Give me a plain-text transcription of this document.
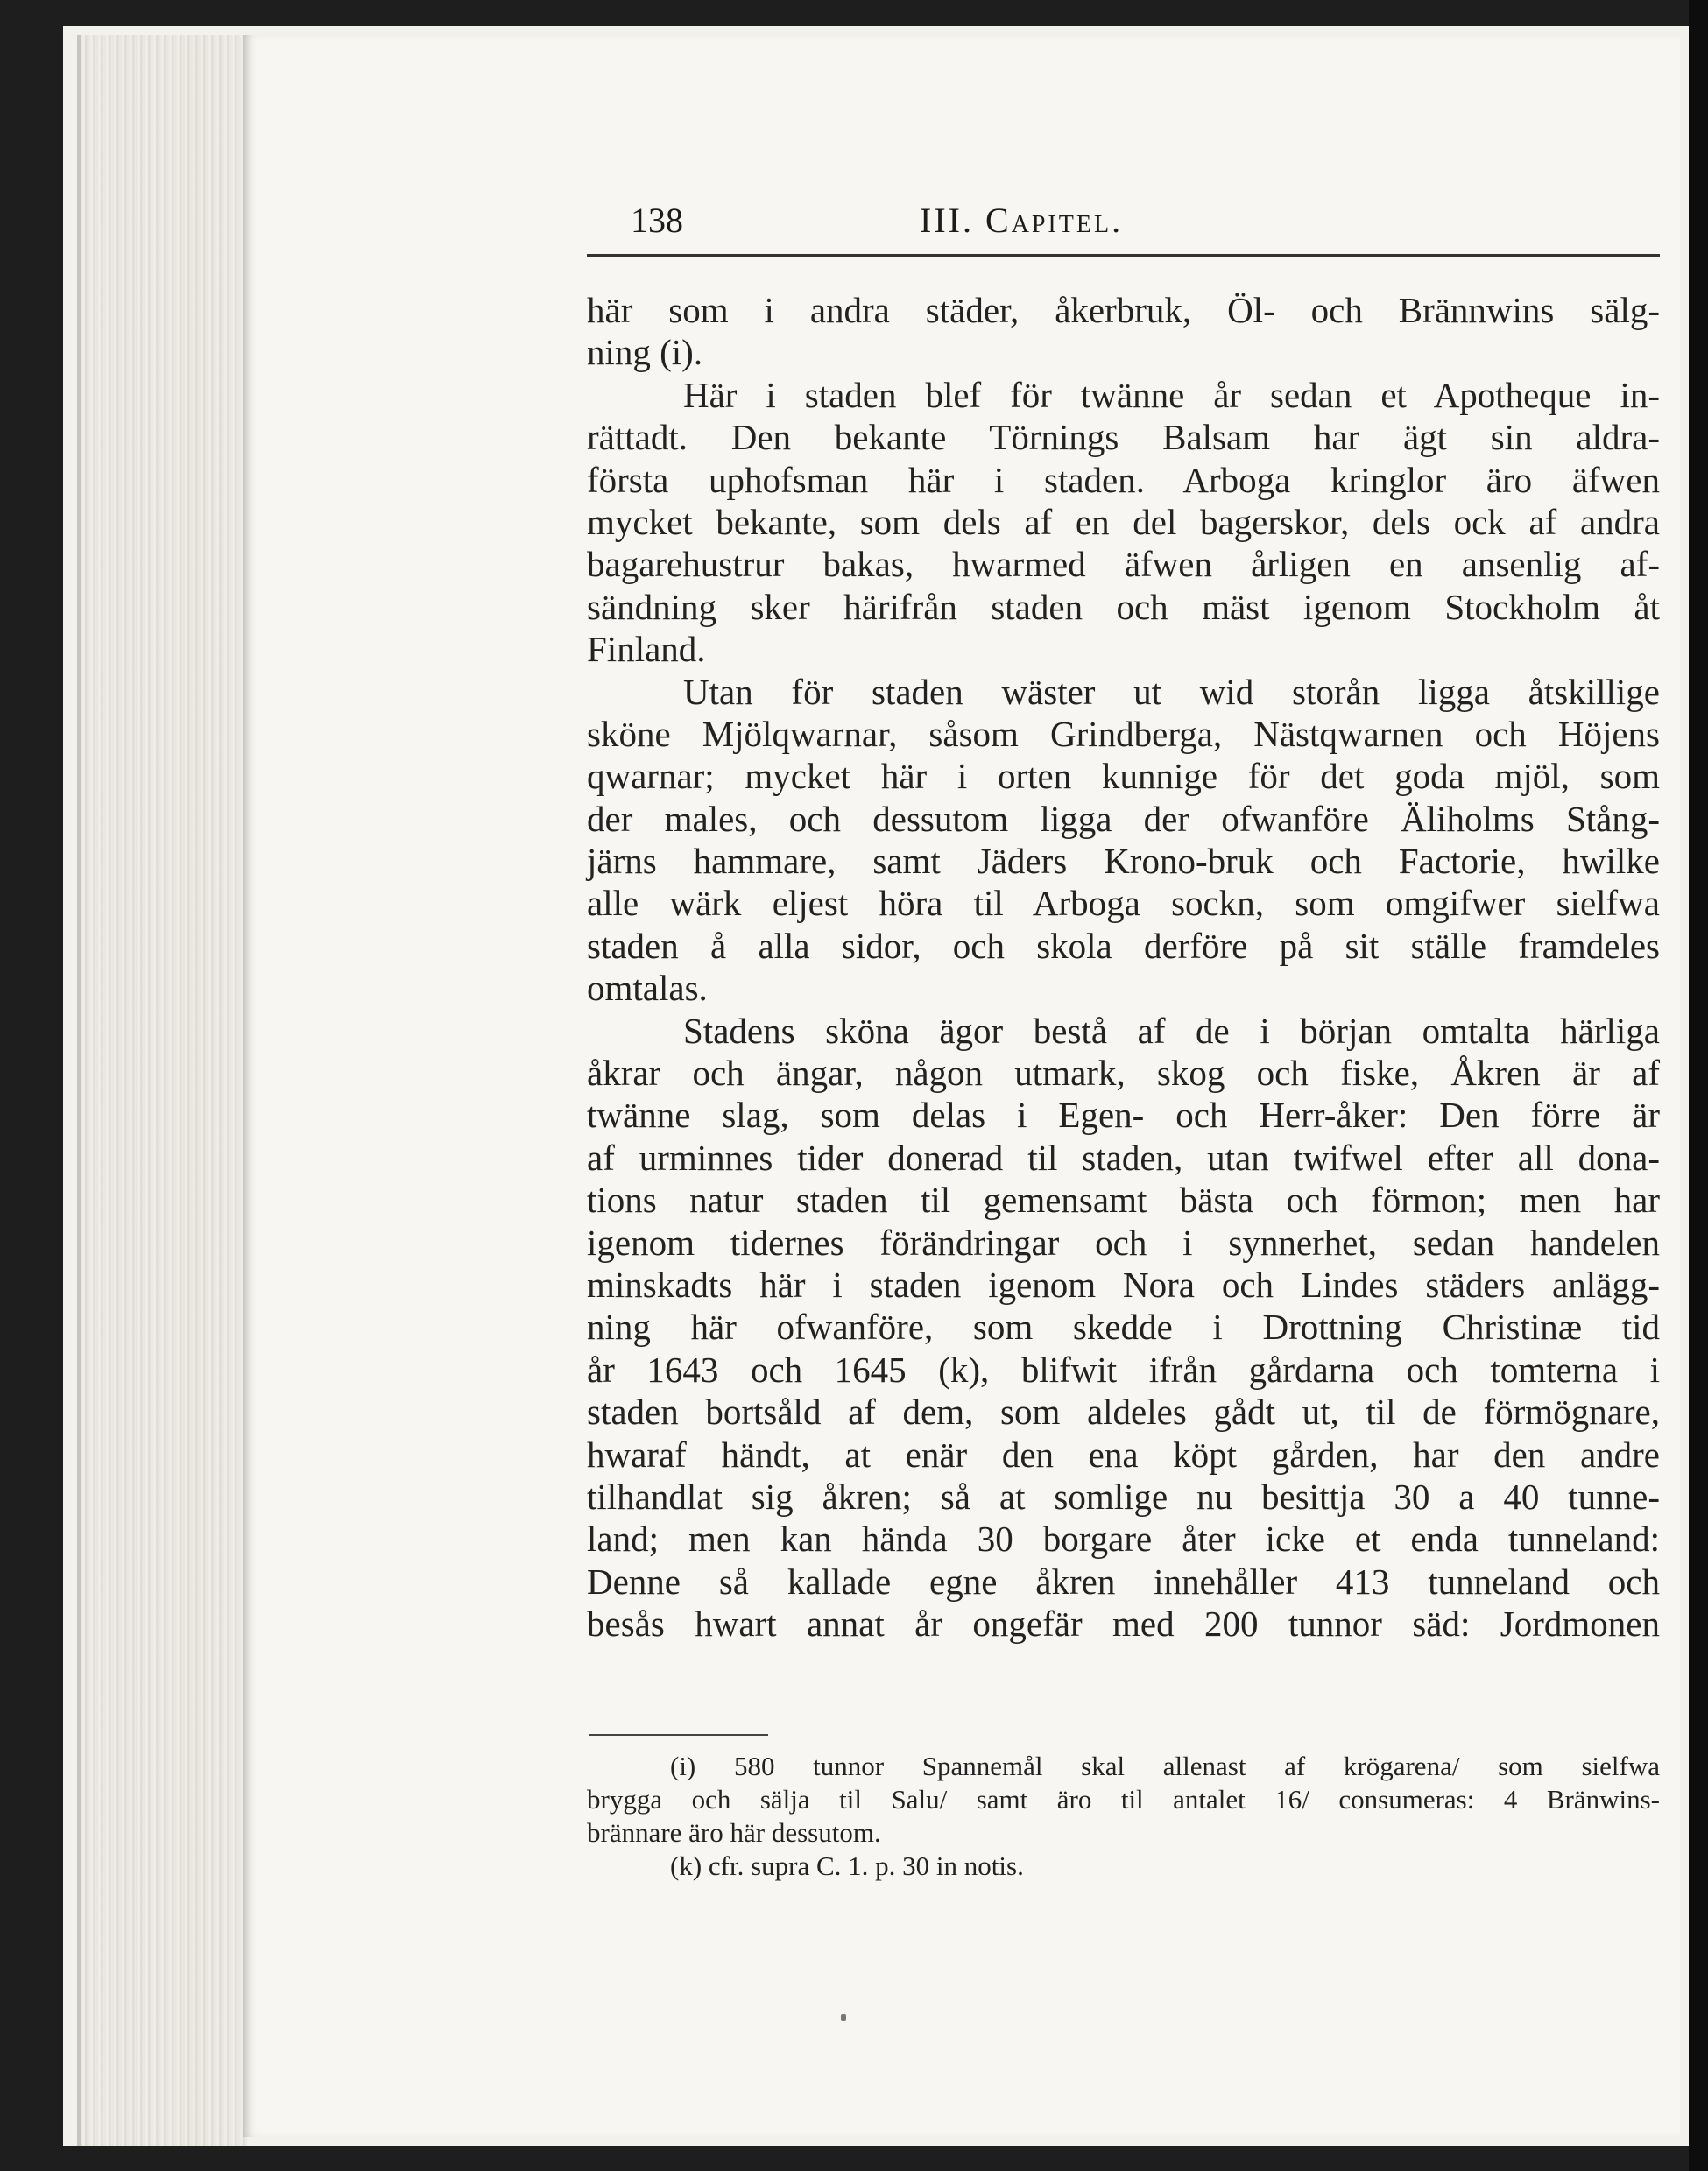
138	III. Capitel.
här som i andra städer, åkerbruk, Öl- och Brännwins sälg-
ning (i).
Här i staden blef för twänne år sedan et Apotheque in-
rättadt. Den bekante Törnings Balsam har ägt sin aldra-
första uphofsman här i staden. Arboga kringlor äro äfwen
mycket bekante, som dels af en del bagerskor, dels ock af andra
bagarehustrur bakas, hwarmed äfwen årligen en ansenlig af-
sändning sker härifrån staden och mäst igenom Stockholm åt
Finland.
Utan för staden wäster ut wid storån ligga åtskillige
sköne Mjölqwarnar, såsom Grindberga, Nästqwarnen och Höjens
qwarnar; mycket här i orten kunnige för det goda mjöl, som
der males, och dessutom ligga der ofwanföre Äliholms Stång-
järns hammare, samt Jäders Krono-bruk och Factorie, hwilke
alle wärk eljest höra til Arboga sockn, som omgifwer sielfwa
staden å alla sidor, och skola derföre på sit ställe framdeles
omtalas.
Stadens sköna ägor bestå af de i början omtalta härliga
åkrar och ängar, någon utmark, skog och fiske, Åkren är af
twänne slag, som delas i Egen- och Herr-åker: Den förre är
af urminnes tider donerad til staden, utan twifwel efter all dona-
tions natur staden til gemensamt bästa och förmon; men har
igenom tidernes förändringar och i synnerhet, sedan handelen
minskadts här i staden igenom Nora och Lindes städers anlägg-
ning här ofwanföre, som skedde i Drottning Christinæ tid
år 1643 och 1645 (k), blifwit ifrån gårdarna och tomterna i
staden bortsåld af dem, som aldeles gådt ut, til de förmögnare,
hwaraf händt, at enär den ena köpt gården, har den andre
tilhandlat sig åkren; så at somlige nu besittja 30 a 40 tunne-
land; men kan hända 30 borgare åter icke et enda tunneland:
Denne så kallade egne åkren innehåller 413 tunneland och
besås hwart annat år ongefär med 200 tunnor säd: Jordmonen
(i) 580 tunnor Spannemål skal allenast af krögarena/ som sielfwa
brygga och sälja til Salu/ samt äro til antalet 16/ consumeras: 4 Bränwins-
brännare äro här dessutom.
(k) cfr. supra C. 1. p. 30 in notis.
